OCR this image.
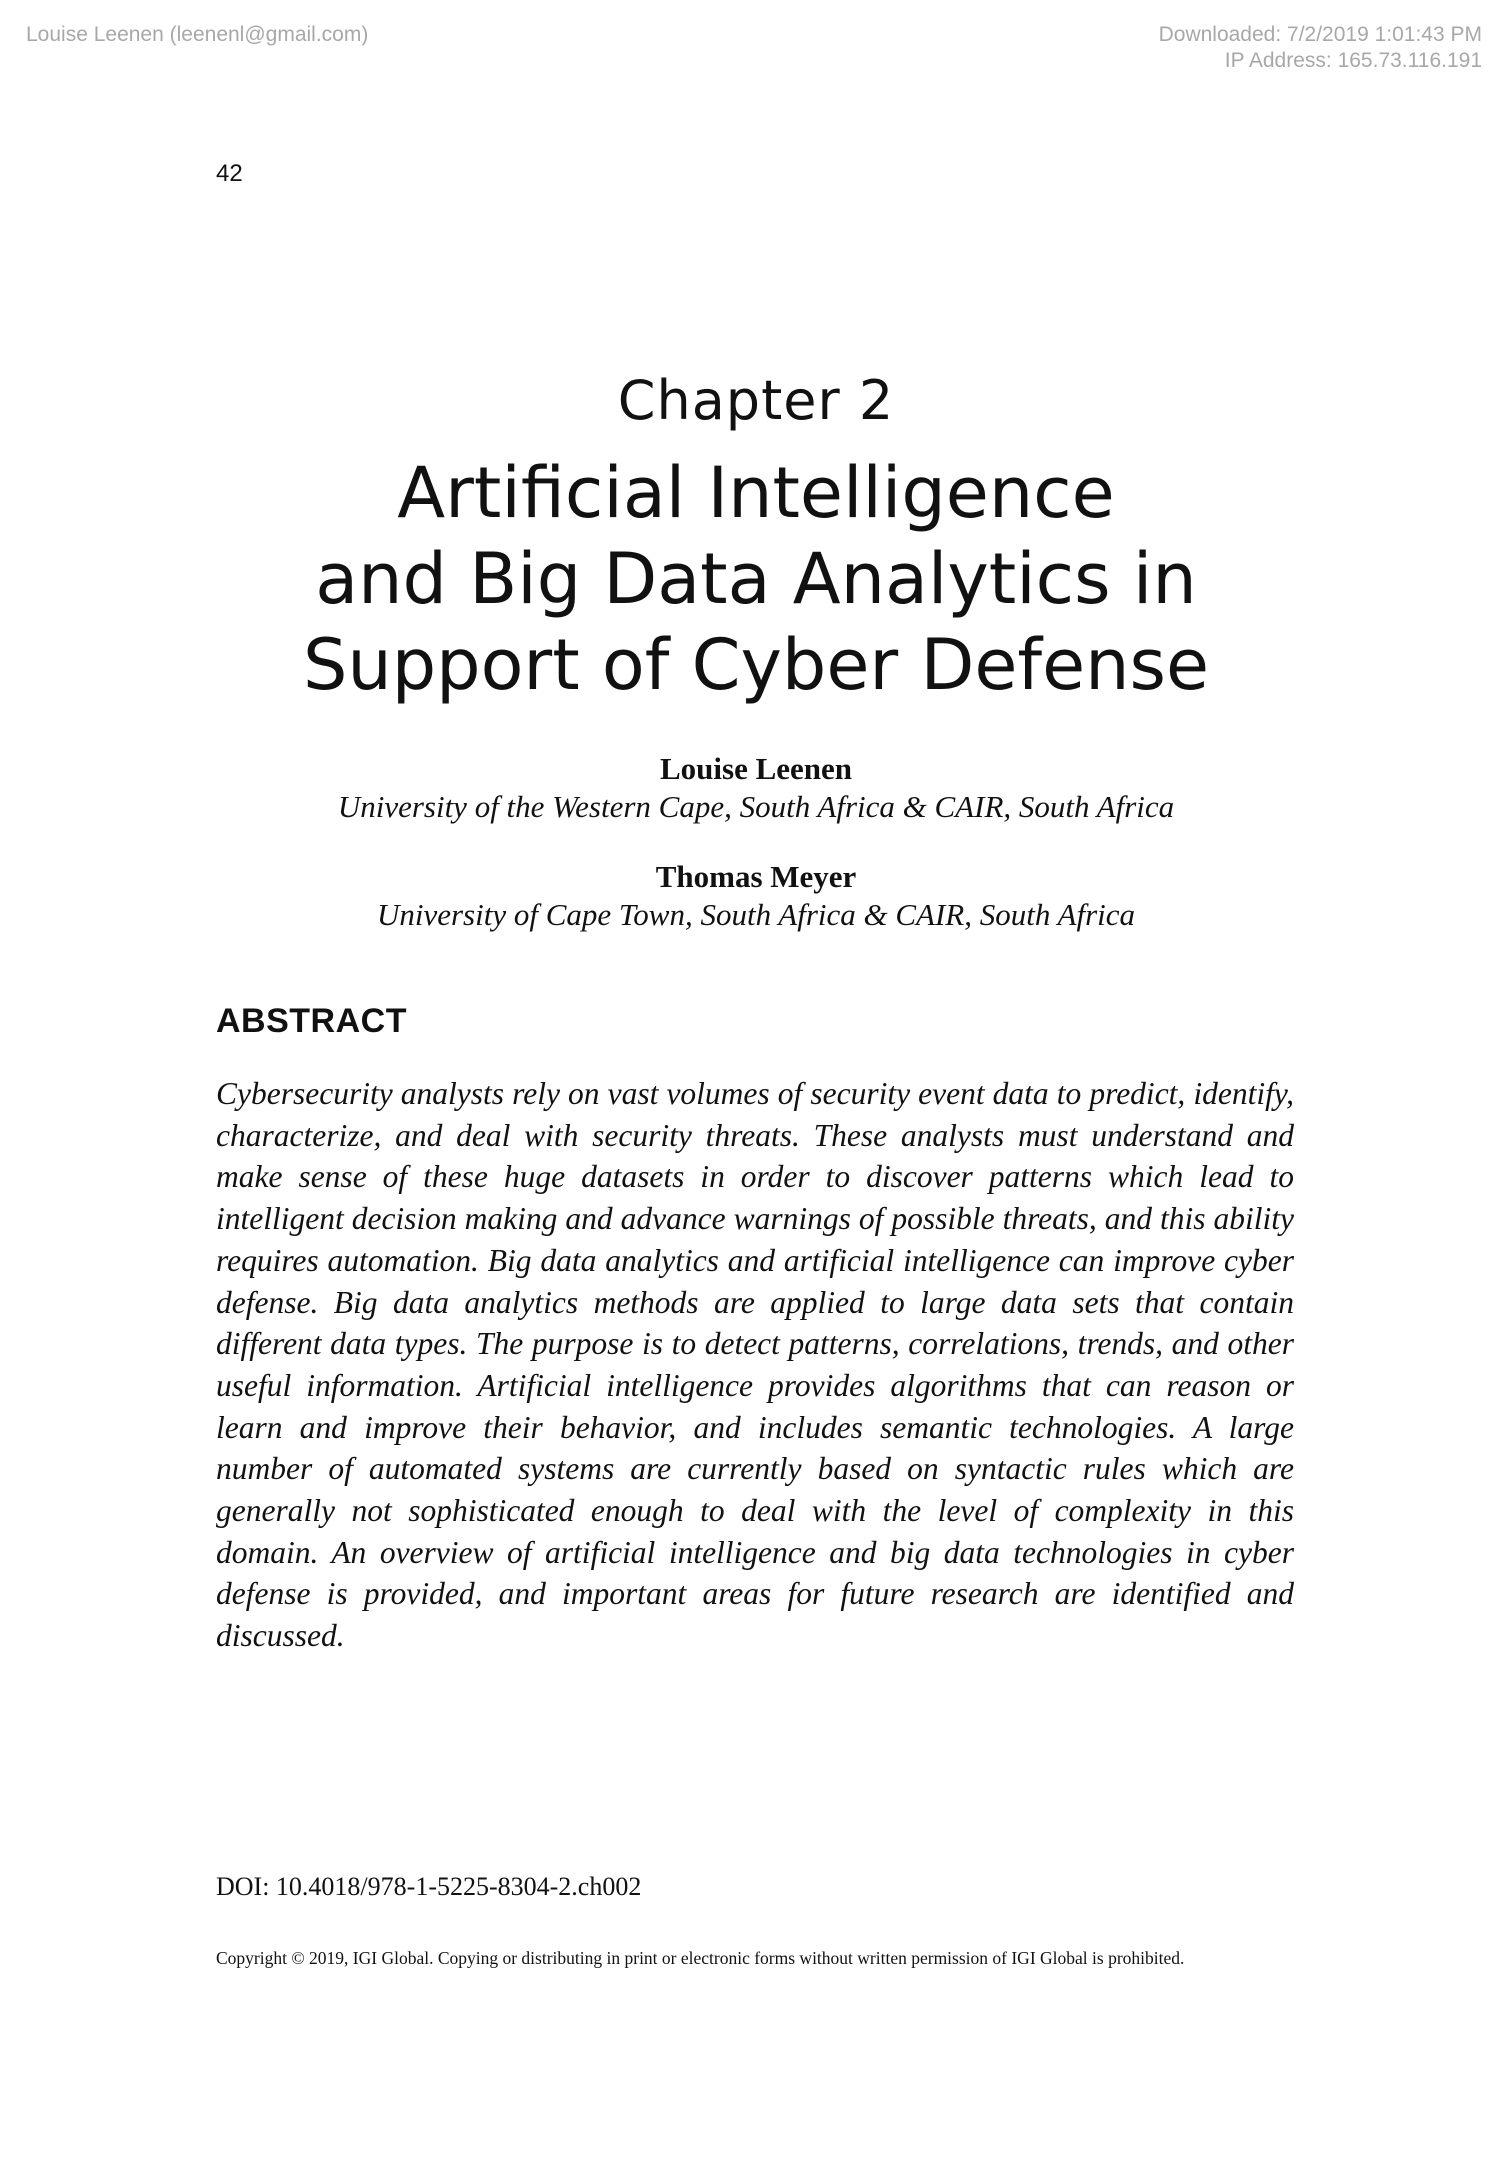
Louise Leenen (leenenl@gmail.com)	Downloaded: 7/2/2019 1:01:43 PM
IP Address: 165.73.116.191
42
Chapter 2
Artificial Intelligence
and Big Data Analytics in
Support of Cyber Defense
Louise Leenen
University of the Western Cape, South Africa & CAIR, South Africa
Thomas Meyer
University of Cape Town, South Africa & CAIR, South Africa
ABSTRACT

Cybersecurity analysts rely on vast volumes of security event data to predict, identify, characterize, and deal with security threats. These analysts must understand and make sense of these huge datasets in order to discover patterns which lead to intelligent decision making and advance warnings of possible threats, and this ability requires automation. Big data analytics and artificial intelligence can improve cyber defense. Big data analytics methods are applied to large data sets that contain different data types. The purpose is to detect patterns, correlations, trends, and other useful information. Artificial intelligence provides algorithms that can reason or learn and improve their behavior, and includes semantic technologies. A large number of automated systems are currently based on syntactic rules which are generally not sophisticated enough to deal with the level of complexity in this domain. An overview of artificial intelligence and big data technologies in cyber defense is provided, and important areas for future research are identified and discussed.

DOI: 10.4018/978-1-5225-8304-2.ch002
Copyright © 2019, IGI Global. Copying or distributing in print or electronic forms without written permission of IGI Global is prohibited.
